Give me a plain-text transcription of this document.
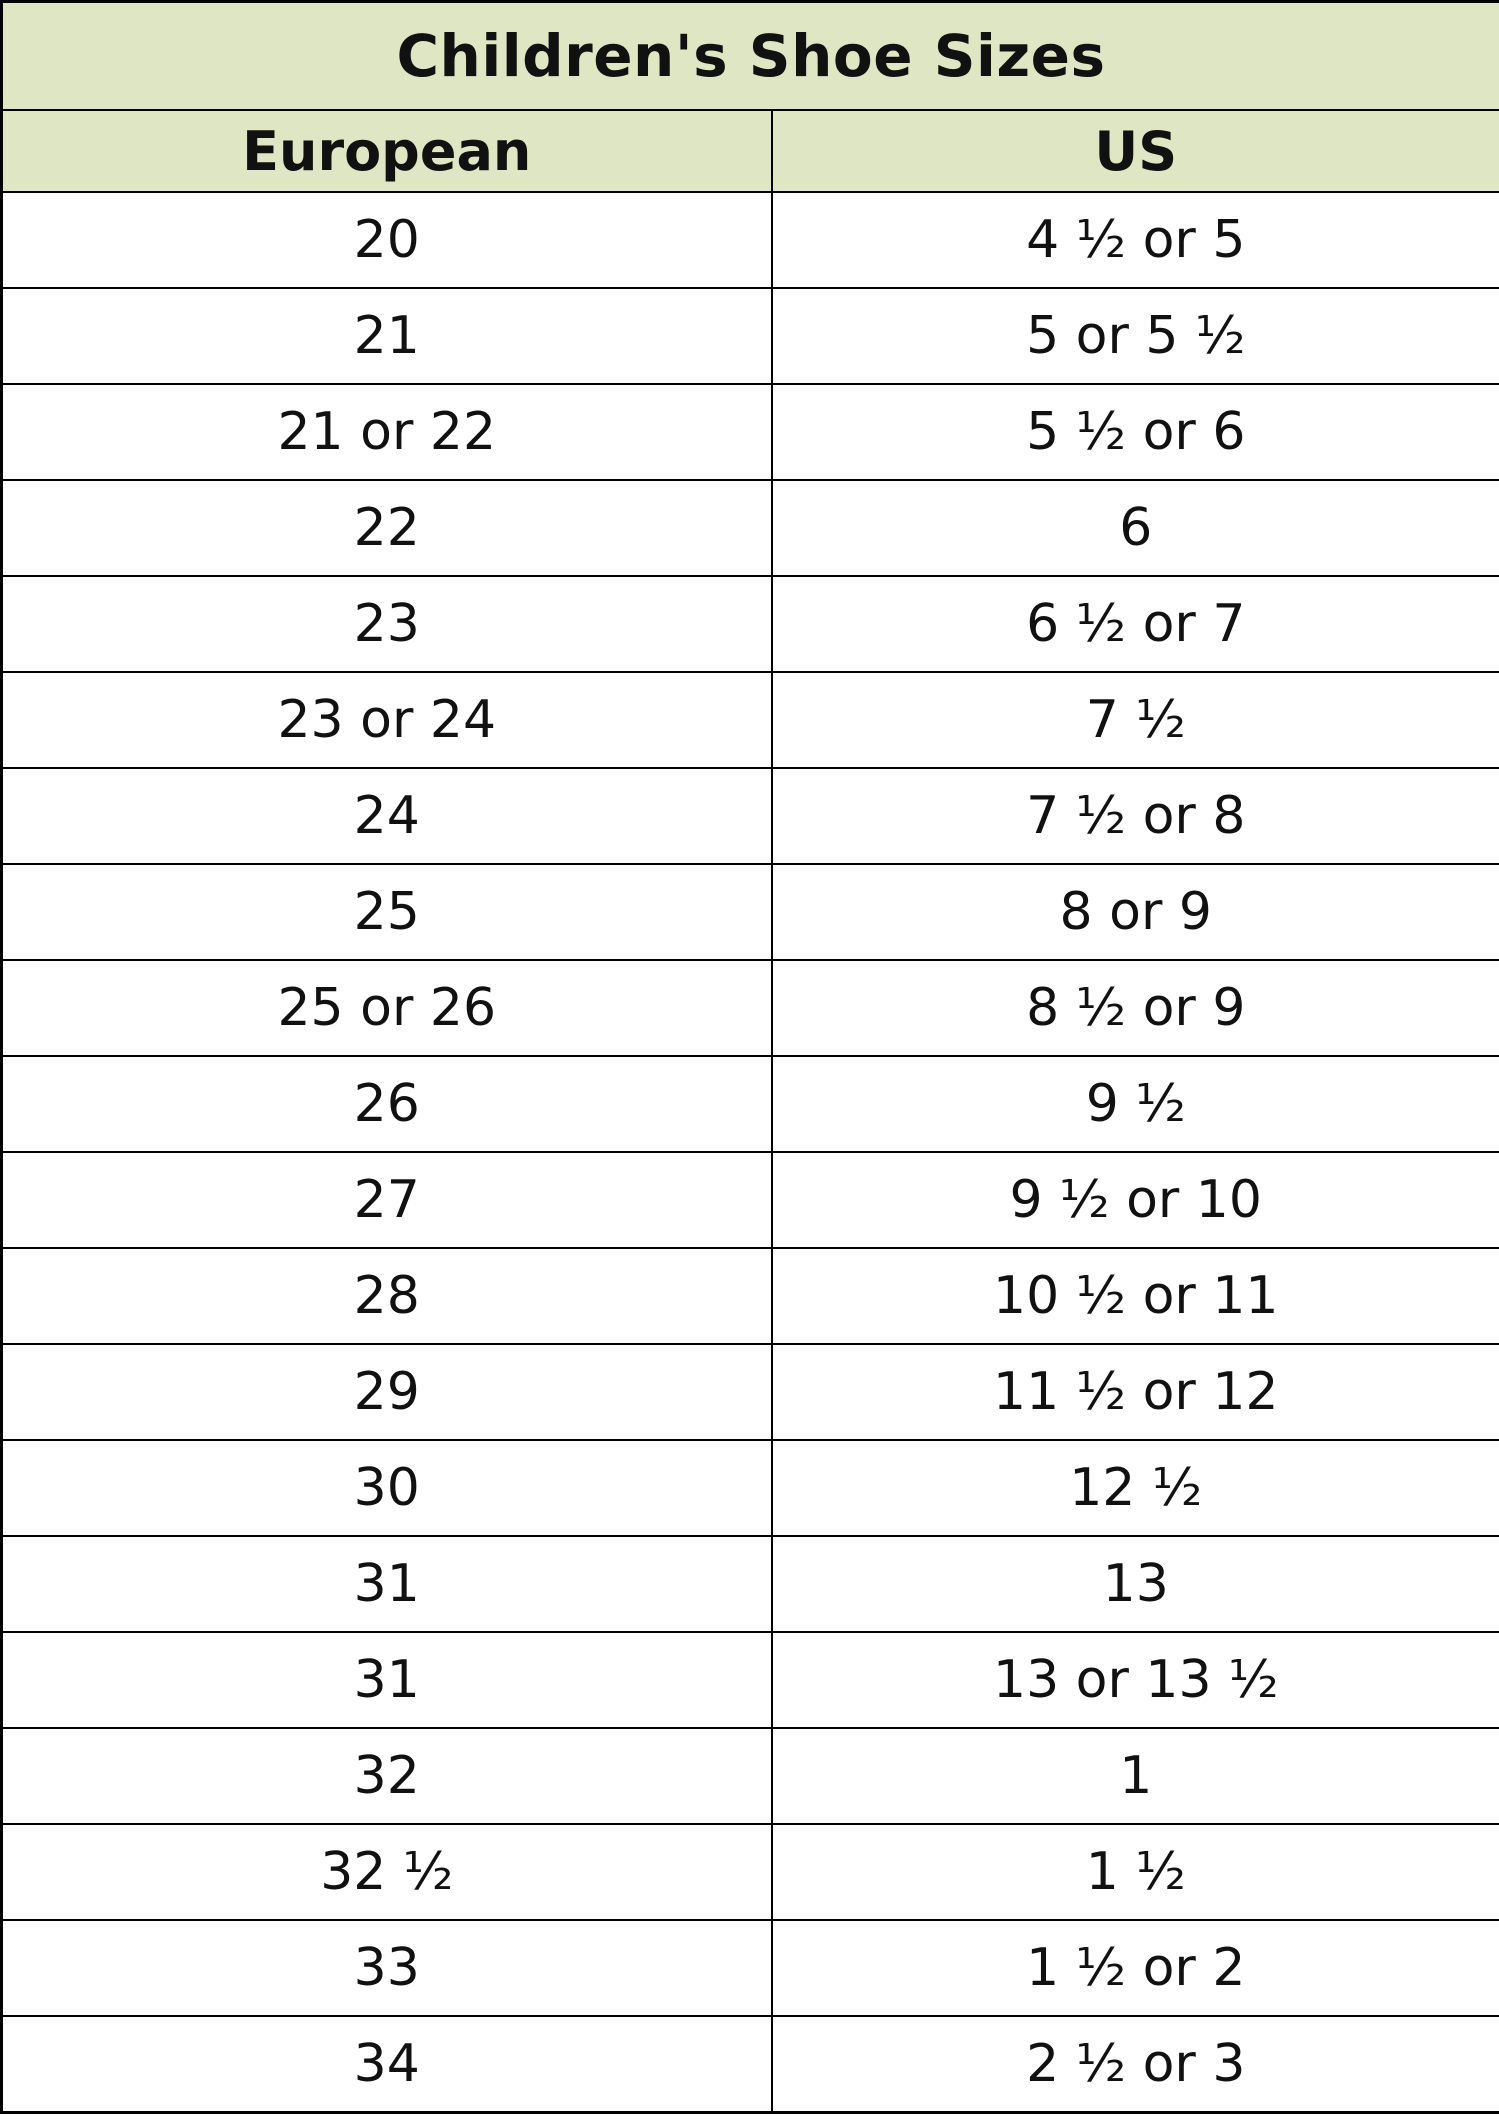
Children's Shoe Sizes	
European	US
20	4 ½ or 5
21	5 or 5 ½
21 or 22	5 ½ or 6
22	6
23	6 ½ or 7
23 or 24	7 ½
24	7 ½ or 8
25	8 or 9
25 or 26	8 ½ or 9
26	9 ½
27	9 ½ or 10
28	10 ½ or 11
29	11 ½ or 12
30	12 ½
31	13
31	13 or 13 ½
32	1
32 ½	1 ½
33	1 ½ or 2
34	2 ½ or 3
